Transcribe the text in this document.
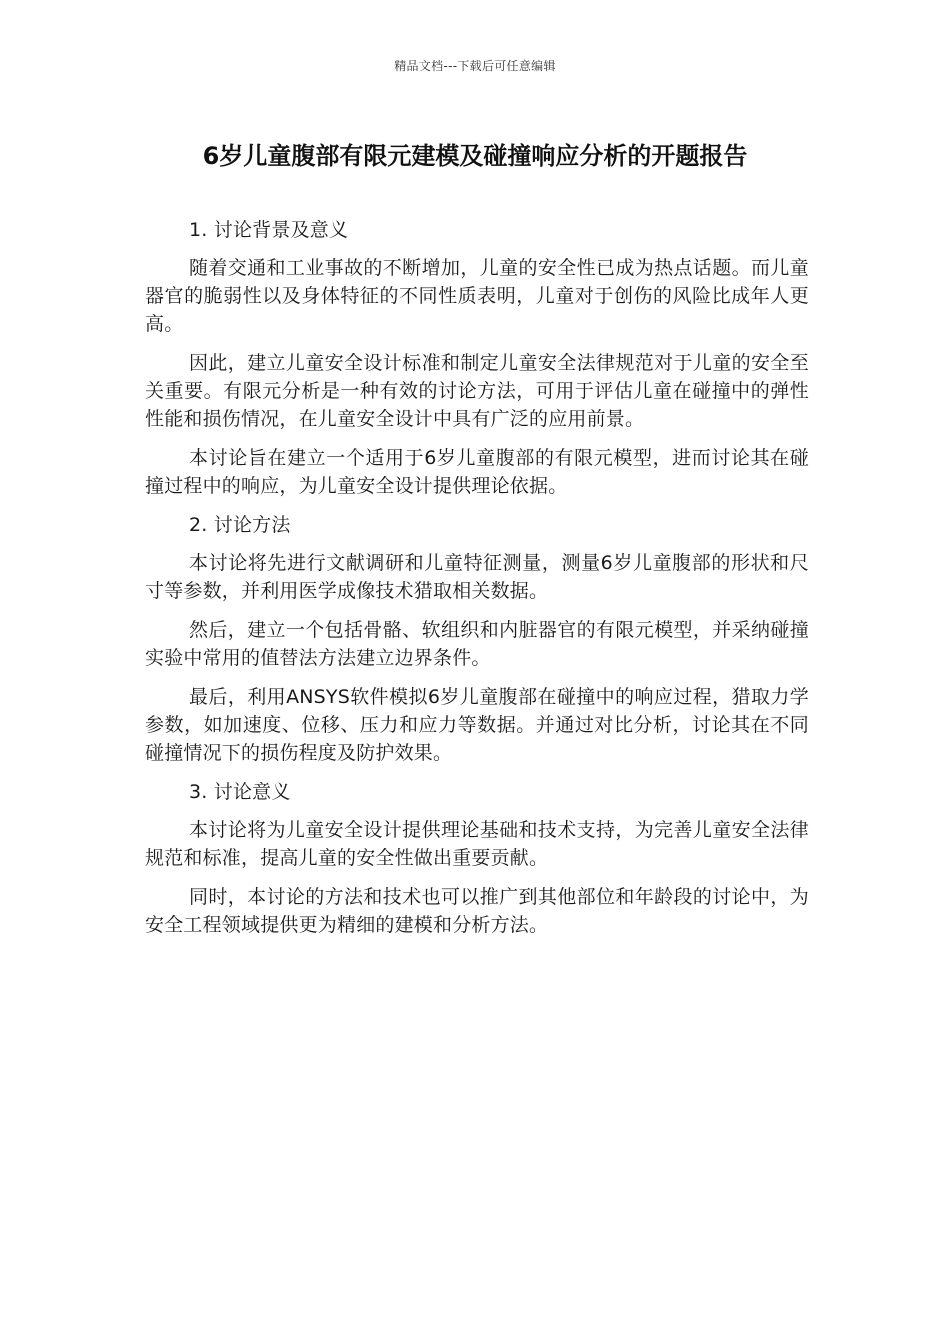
精品文档---下载后可任意编辑
6岁儿童腹部有限元建模及碰撞响应分析的开题报告

1. 讨论背景及意义

随着交通和工业事故的不断增加，儿童的安全性已成为热点话题。而儿童器官的脆弱性以及身体特征的不同性质表明，儿童对于创伤的风险比成年人更高。

因此，建立儿童安全设计标准和制定儿童安全法律规范对于儿童的安全至关重要。有限元分析是一种有效的讨论方法，可用于评估儿童在碰撞中的弹性性能和损伤情况，在儿童安全设计中具有广泛的应用前景。

本讨论旨在建立一个适用于6岁儿童腹部的有限元模型，进而讨论其在碰撞过程中的响应，为儿童安全设计提供理论依据。

2. 讨论方法

本讨论将先进行文献调研和儿童特征测量，测量6岁儿童腹部的形状和尺寸等参数，并利用医学成像技术猎取相关数据。

然后，建立一个包括骨骼、软组织和内脏器官的有限元模型，并采纳碰撞实验中常用的值替法方法建立边界条件。

最后，利用ANSYS软件模拟6岁儿童腹部在碰撞中的响应过程，猎取力学参数，如加速度、位移、压力和应力等数据。并通过对比分析，讨论其在不同碰撞情况下的损伤程度及防护效果。

3. 讨论意义

本讨论将为儿童安全设计提供理论基础和技术支持，为完善儿童安全法律规范和标准，提高儿童的安全性做出重要贡献。

同时，本讨论的方法和技术也可以推广到其他部位和年龄段的讨论中，为安全工程领域提供更为精细的建模和分析方法。
